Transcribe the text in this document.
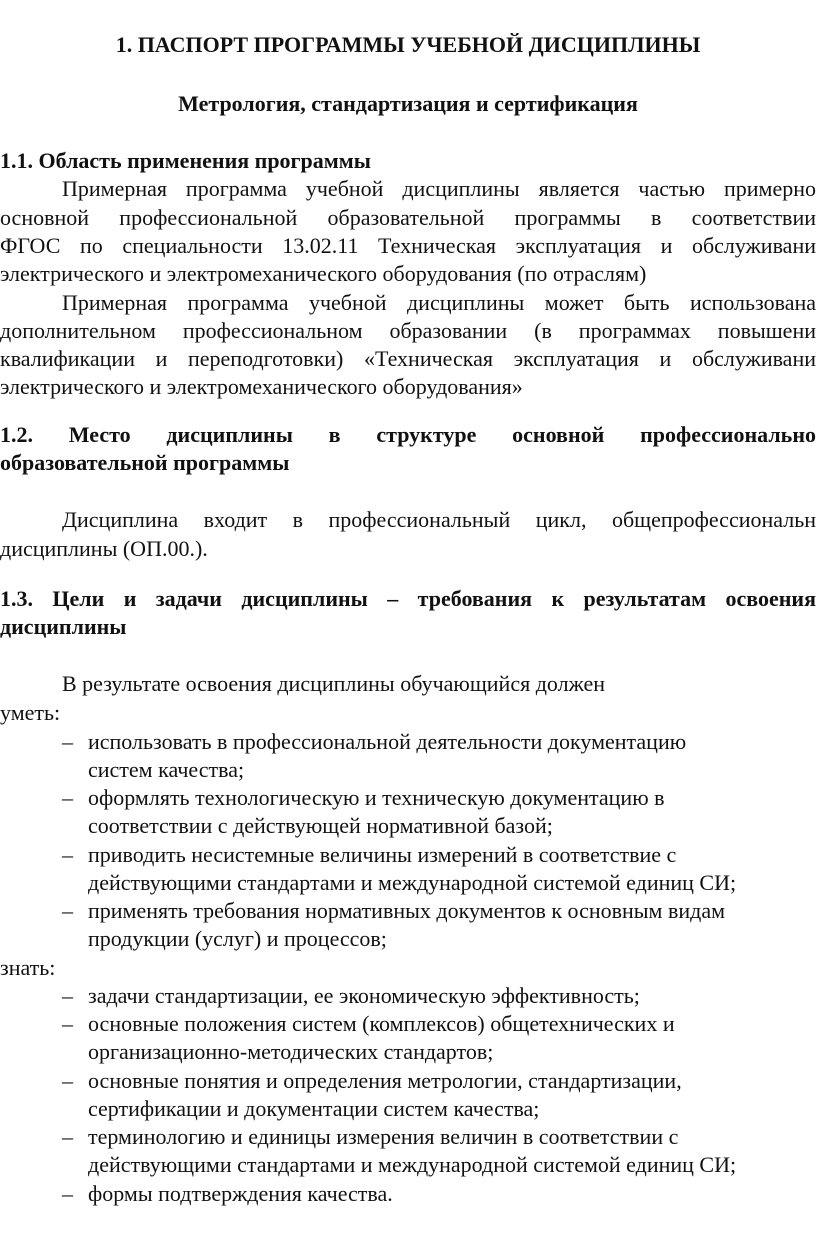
1. ПАСПОРТ ПРОГРАММЫ УЧЕБНОЙ ДИСЦИПЛИНЫ
Метрология, стандартизация и сертификация
1.1. Область применения программы
Примерная программа учебной дисциплины является частью примерно
основной профессиональной образовательной программы в соответствии
ФГОС по специальности 13.02.11 Техническая эксплуатация и обслуживани
электрического и электромеханического оборудования (по отраслям)
Примерная программа учебной дисциплины может быть использована
дополнительном профессиональном образовании (в программах повышени
квалификации и переподготовки) «Техническая эксплуатация и обслуживани
электрического и электромеханического оборудования»
1.2. Место дисциплины в структуре основной профессионально
образовательной программы
Дисциплина входит в профессиональный цикл, общепрофессиональн
дисциплины (ОП.00.).
1.3. Цели и задачи дисциплины – требования к результатам освоения
дисциплины
В результате освоения дисциплины обучающийся должен
уметь:
– использовать в профессиональной деятельности документацию
систем качества;
– оформлять технологическую и техническую документацию в
соответствии с действующей нормативной базой;
– приводить несистемные величины измерений в соответствие с
действующими стандартами и международной системой единиц СИ;
– применять требования нормативных документов к основным видам
продукции (услуг) и процессов;
знать:
– задачи стандартизации, ее экономическую эффективность;
– основные положения систем (комплексов) общетехнических и
организационно-методических стандартов;
– основные понятия и определения метрологии, стандартизации,
сертификации и документации систем качества;
– терминологию и единицы измерения величин в соответствии с
действующими стандартами и международной системой единиц СИ;
– формы подтверждения качества.
